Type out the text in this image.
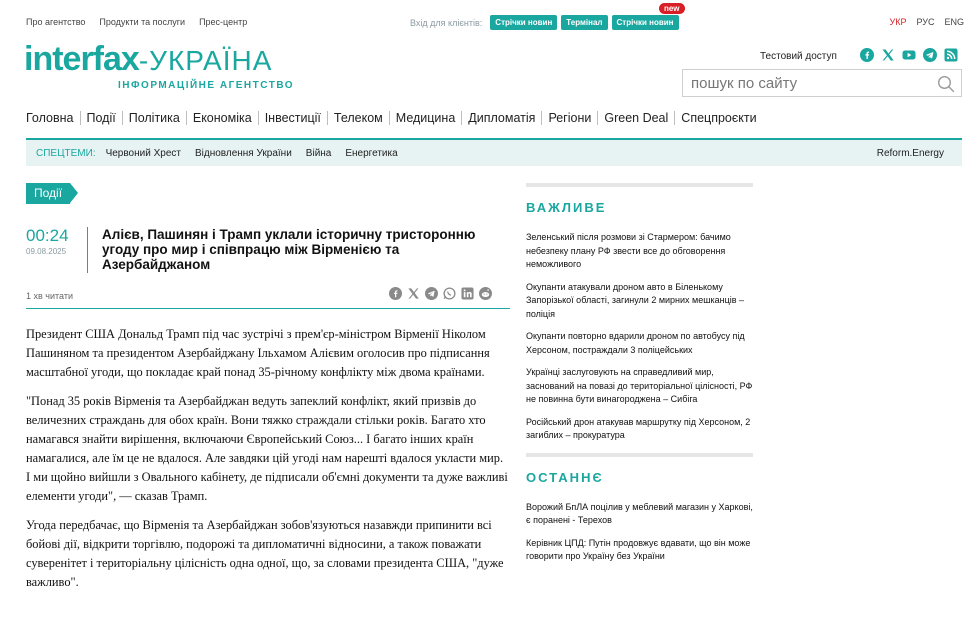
Про агентство Продукти та послуги Прес-центр	Вхід для клієнтів:	Стрічки новин	Термінал	Стрічки новин
new
УКР РУС ENG
interfax-УКРАЇНА
ІНФОРМАЦІЙНЕ АГЕНТСТВО
Тестовий доступ
пошук по сайту
Головна	Події	Політика	Економіка	Інвестиції	Телеком	Медицина	Дипломатія	Регіони	Green Deal	Спецпроєкти
СПЕЦТЕМИ: Червоний Хрест Відновлення України Війна Енергетика	Reform.Energy
Події
00:24
09.08.2025
Алієв, Пашинян і Трамп уклали історичну тристоронню угоду про мир і співпрацю між Вірменією та Азербайджаном
1 хв читати

Президент США Дональд Трамп під час зустрічі з прем'єр-міністром Вірменії Ніколом Пашиняном та президентом Азербайджану Ільхамом Алієвим оголосив про підписання масштабної угоди, що покладає край понад 35-річному конфлікту між двома країнами.

"Понад 35 років Вірменія та Азербайджан ведуть запеклий конфлікт, який призвів до величезних страждань для обох країн. Вони тяжко страждали стільки років. Багато хто намагався знайти вирішення, включаючи Європейський Союз... І багато інших країн намагалися, але їм це не вдалося. Але завдяки цій угоді нам нарешті вдалося укласти мир. І ми щойно вийшли з Овального кабінету, де підписали об'ємні документи та дуже важливі елементи угоди", — сказав Трамп.

Угода передбачає, що Вірменія та Азербайджан зобов'язуються назавжди припинити всі бойові дії, відкрити торгівлю, подорожі та дипломатичні відносини, а також поважати суверенітет і територіальну цілісність одна одної, що, за словами президента США, "дуже важливо".

ВАЖЛИВЕ
Зеленський після розмови зі Стармером: бачимо небезпеку плану РФ звести все до обговорення неможливого
Окупанти атакували дроном авто в Біленькому Запорізької області, загинули 2 мирних мешканців – поліція
Окупанти повторно вдарили дроном по автобусу під Херсоном, постраждали 3 поліцейських
Українці заслуговують на справедливий мир, заснований на повазі до територіальної цілісності, РФ не повинна бути винагороджена – Сибіга
Російський дрон атакував маршрутку під Херсоном, 2 загиблих – прокуратура
ОСТАННЄ
Ворожий БпЛА поцілив у меблевий магазин у Харкові, є поранені - Терехов
Керівник ЦПД: Путін продовжує вдавати, що він може говорити про Україну без України
